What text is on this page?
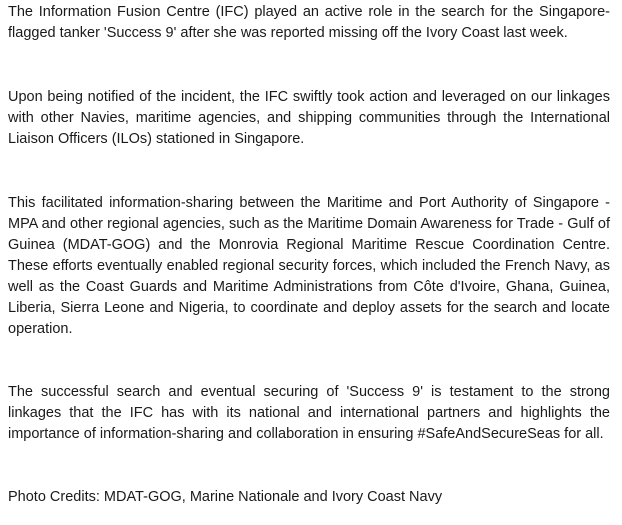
The Information Fusion Centre (IFC) played an active role in the search for the Singapore-flagged tanker 'Success 9' after she was reported missing off the Ivory Coast last week.

Upon being notified of the incident, the IFC swiftly took action and leveraged on our linkages with other Navies, maritime agencies, and shipping communities through the International Liaison Officers (ILOs) stationed in Singapore.

This facilitated information-sharing between the Maritime and Port Authority of Singapore - MPA and other regional agencies, such as the Maritime Domain Awareness for Trade - Gulf of Guinea (MDAT-GOG) and the Monrovia Regional Maritime Rescue Coordination Centre. These efforts eventually enabled regional security forces, which included the French Navy, as well as the Coast Guards and Maritime Administrations from Côte d'Ivoire, Ghana, Guinea, Liberia, Sierra Leone and Nigeria, to coordinate and deploy assets for the search and locate operation.

The successful search and eventual securing of 'Success 9' is testament to the strong linkages that the IFC has with its national and international partners and highlights the importance of information-sharing and collaboration in ensuring #SafeAndSecureSeas for all.

Photo Credits: MDAT-GOG, Marine Nationale and Ivory Coast Navy
